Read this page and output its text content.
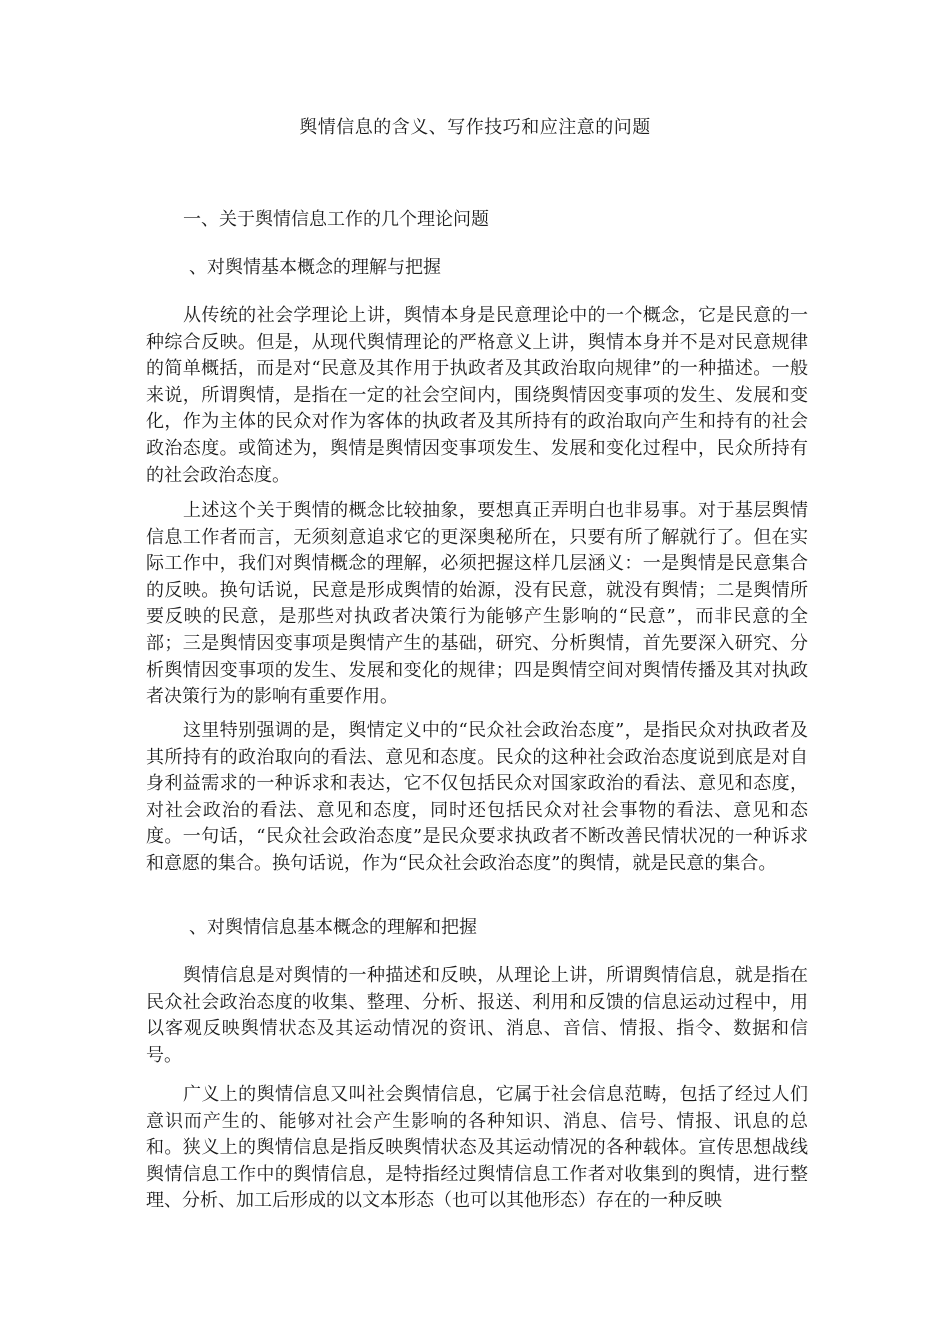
舆情信息的含义、写作技巧和应注意的问题
一、关于舆情信息工作的几个理论问题
、对舆情基本概念的理解与把握

从传统的社会学理论上讲，舆情本身是民意理论中的一个概念，它是民意的一种综合反映。但是，从现代舆情理论的严格意义上讲，舆情本身并不是对民意规律的简单概括，而是对“民意及其作用于执政者及其政治取向规律”的一种描述。一般来说，所谓舆情，是指在一定的社会空间内，围绕舆情因变事项的发生、发展和变化，作为主体的民众对作为客体的执政者及其所持有的政治取向产生和持有的社会政治态度。或简述为，舆情是舆情因变事项发生、发展和变化过程中，民众所持有的社会政治态度。

上述这个关于舆情的概念比较抽象，要想真正弄明白也非易事。对于基层舆情信息工作者而言，无须刻意追求它的更深奥秘所在，只要有所了解就行了。但在实际工作中，我们对舆情概念的理解，必须把握这样几层涵义：一是舆情是民意集合的反映。换句话说，民意是形成舆情的始源，没有民意，就没有舆情；二是舆情所要反映的民意，是那些对执政者决策行为能够产生影响的“民意”，而非民意的全部；三是舆情因变事项是舆情产生的基础，研究、分析舆情，首先要深入研究、分析舆情因变事项的发生、发展和变化的规律；四是舆情空间对舆情传播及其对执政者决策行为的影响有重要作用。

这里特别强调的是，舆情定义中的“民众社会政治态度”，是指民众对执政者及其所持有的政治取向的看法、意见和态度。民众的这种社会政治态度说到底是对自身利益需求的一种诉求和表达，它不仅包括民众对国家政治的看法、意见和态度，对社会政治的看法、意见和态度，同时还包括民众对社会事物的看法、意见和态度。一句话，“民众社会政治态度”是民众要求执政者不断改善民情状况的一种诉求和意愿的集合。换句话说，作为“民众社会政治态度”的舆情，就是民意的集合。

、对舆情信息基本概念的理解和把握

舆情信息是对舆情的一种描述和反映，从理论上讲，所谓舆情信息，就是指在民众社会政治态度的收集、整理、分析、报送、利用和反馈的信息运动过程中，用以客观反映舆情状态及其运动情况的资讯、消息、音信、情报、指令、数据和信号。

广义上的舆情信息又叫社会舆情信息，它属于社会信息范畴，包括了经过人们意识而产生的、能够对社会产生影响的各种知识、消息、信号、情报、讯息的总和。狭义上的舆情信息是指反映舆情状态及其运动情况的各种载体。宣传思想战线舆情信息工作中的舆情信息，是特指经过舆情信息工作者对收集到的舆情，进行整理、分析、加工后形成的以文本形态（也可以其他形态）存在的一种反映
